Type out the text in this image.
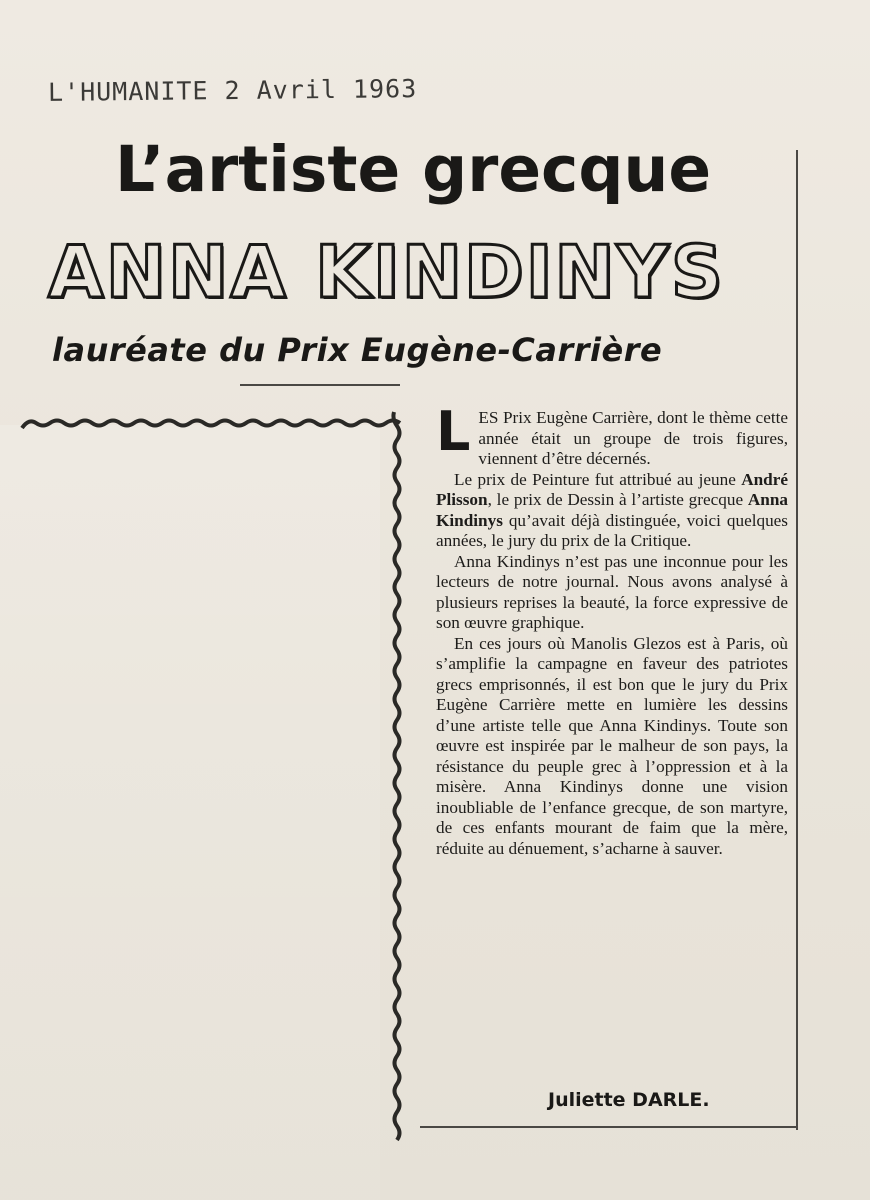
L'HUMANITE 2 Avril 1963
L’artiste grecque
ANNA KINDINYS
lauréate du Prix Eugène-Carrière

LES Prix Eugène Carrière, dont le thème cette année était un groupe de trois figures, viennent d’être décernés.

Le prix de Peinture fut attribué au jeune André Plisson, le prix de Dessin à l’artiste grecque Anna Kindinys qu’avait déjà distinguée, voici quelques années, le jury du prix de la Critique.

Anna Kindinys n’est pas une inconnue pour les lecteurs de notre journal. Nous avons analysé à plusieurs reprises la beauté, la force expressive de son œuvre graphique.

En ces jours où Manolis Glezos est à Paris, où s’amplifie la campagne en faveur des patriotes grecs emprisonnés, il est bon que le jury du Prix Eugène Carrière mette en lumière les dessins d’une artiste telle que Anna Kindinys. Toute son œuvre est inspirée par le malheur de son pays, la résistance du peuple grec à l’oppression et à la misère. Anna Kindinys donne une vision inoubliable de l’enfance grecque, de son martyre, de ces enfants mourant de faim que la mère, réduite au dénuement, s’acharne à sauver.

Juliette DARLE.
